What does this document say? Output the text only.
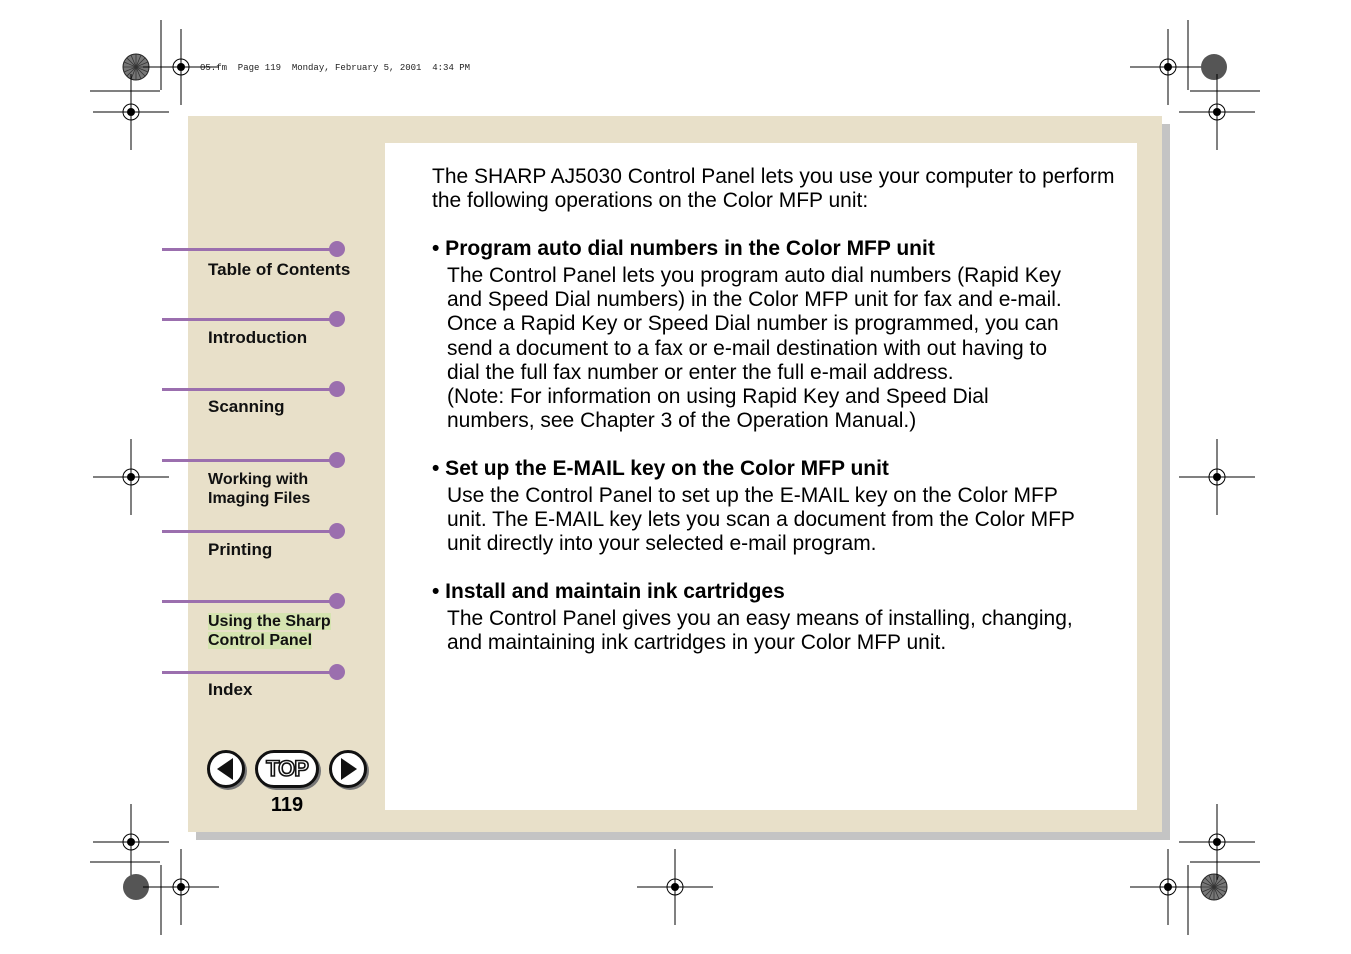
05.fm  Page 119  Monday, February 5, 2001  4:34 PM

The SHARP AJ5030 Control Panel lets you use your computer to perform the following operations on the Color MFP unit:

• Program auto dial numbers in the Color MFP unit

The Control Panel lets you program auto dial numbers (Rapid Key
and Speed Dial numbers) in the Color MFP unit for fax and e-mail.
Once a Rapid Key or Speed Dial number is programmed, you can
send a document to a fax or e-mail destination with out having to
dial the full fax number or enter the full e-mail address.
(Note: For information on using Rapid Key and Speed Dial
numbers, see Chapter 3 of the Operation Manual.)

• Set up the E-MAIL key on the Color MFP unit

Use the Control Panel to set up the E-MAIL key on the Color MFP
unit. The E-MAIL key lets you scan a document from the Color MFP
unit directly into your selected e-mail program.

• Install and maintain ink cartridges

The Control Panel gives you an easy means of installing, changing,
and maintaining ink cartridges in your Color MFP unit.

Table of Contents
Introduction
Scanning
Working with
Imaging Files
Printing
Using the Sharp
Control Panel
Index
TOP
119
